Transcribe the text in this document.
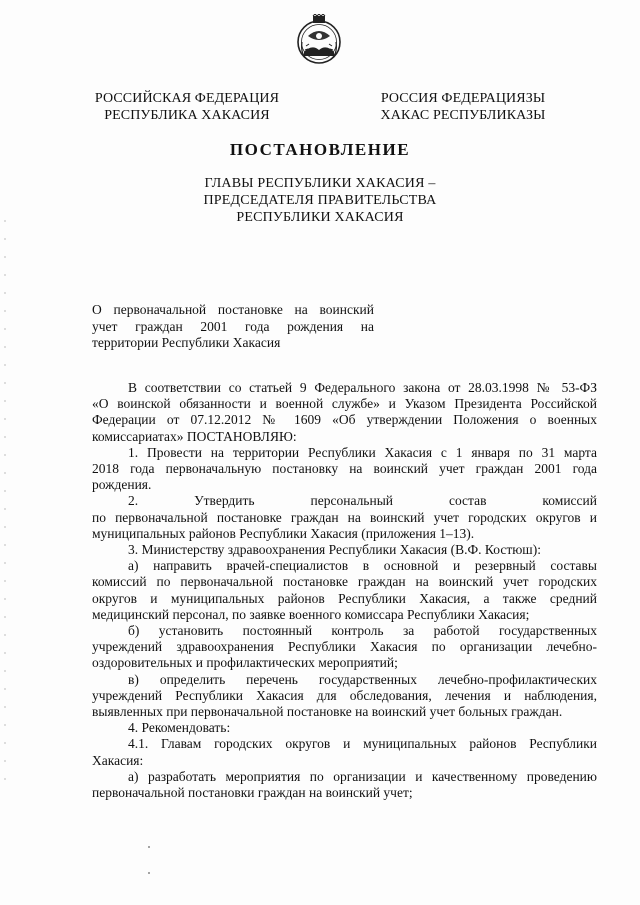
РОССИЙСКАЯ ФЕДЕРАЦИЯ
РЕСПУБЛИКА ХАКАСИЯ
РОССИЯ ФЕДЕРАЦИЯЗЫ
ХАКАС РЕСПУБЛИКАЗЫ
ПОСТАНОВЛЕНИЕ
ГЛАВЫ РЕСПУБЛИКИ ХАКАСИЯ –
ПРЕДСЕДАТЕЛЯ ПРАВИТЕЛЬСТВА
РЕСПУБЛИКИ ХАКАСИЯ
О первоначальной постановке на воинский
учет граждан 2001 года рождения на
территории Республики Хакасия
В соответствии со статьей 9 Федерального закона от 28.03.1998 № 53-ФЗ
«О воинской обязанности и военной службе» и Указом Президента Российской
Федерации от 07.12.2012 № 1609 «Об утверждении Положения о военных
комиссариатах» ПОСТАНОВЛЯЮ:
1. Провести на территории Республики Хакасия с 1 января по 31 марта
2018 года первоначальную постановку на воинский учет граждан 2001 года
рождения.
2. Утвердить персональный состав комиссий
по первоначальной постановке граждан на воинский учет городских округов и
муниципальных районов Республики Хакасия (приложения 1–13).
3. Министерству здравоохранения Республики Хакасия (В.Ф. Костюш):
а) направить врачей-специалистов в основной и резервный составы
комиссий по первоначальной постановке граждан на воинский учет городских
округов и муниципальных районов Республики Хакасия, а также средний
медицинский персонал, по заявке военного комиссара Республики Хакасия;
б) установить постоянный контроль за работой государственных
учреждений здравоохранения Республики Хакасия по организации лечебно-
оздоровительных и профилактических мероприятий;
в) определить перечень государственных лечебно-профилактических
учреждений Республики Хакасия для обследования, лечения и наблюдения,
выявленных при первоначальной постановке на воинский учет больных граждан.
4. Рекомендовать:
4.1. Главам городских округов и муниципальных районов Республики
Хакасия:
а) разработать мероприятия по организации и качественному проведению
первоначальной постановки граждан на воинский учет;
